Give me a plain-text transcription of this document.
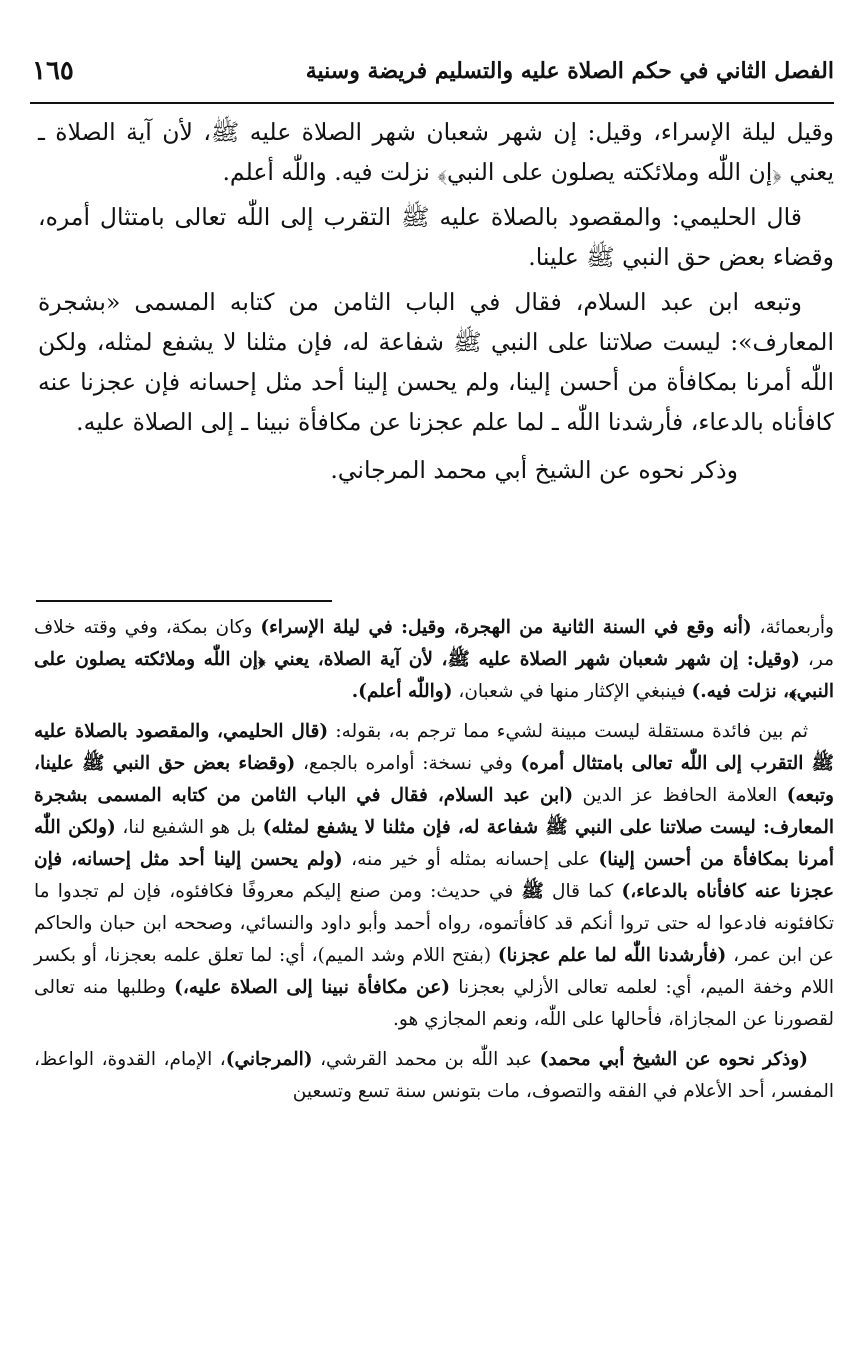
١٦٥	الفصل الثاني في حكم الصلاة عليه والتسليم فريضة وسنية

وقيل ليلة الإسراء، وقيل: إن شهر شعبان شهر الصلاة عليه ﷺ، لأن آية الصلاة ـ يعني ﴿إن اللّٰه وملائكته يصلون على النبي﴾ نزلت فيه. واللّٰه أعلم.

قال الحليمي: والمقصود بالصلاة عليه ﷺ التقرب إلى اللّٰه تعالى بامتثال أمره، وقضاء بعض حق النبي ﷺ علينا.

وتبعه ابن عبد السلام، فقال في الباب الثامن من كتابه المسمى «بشجرة المعارف»: ليست صلاتنا على النبي ﷺ شفاعة له، فإن مثلنا لا يشفع لمثله، ولكن اللّٰه أمرنا بمكافأة من أحسن إلينا، ولم يحسن إلينا أحد مثل إحسانه فإن عجزنا عنه كافأناه بالدعاء، فأرشدنا اللّٰه ـ لما علم عجزنا عن مكافأة نبينا ـ إلى الصلاة عليه.

وذكر نحوه عن الشيخ أبي محمد المرجاني.

وأربعمائة، (أنه وقع في السنة الثانية من الهجرة، وقيل: في ليلة الإسراء) وكان بمكة، وفي وقته خلاف مر، (وقيل: إن شهر شعبان شهر الصلاة عليه ﷺ، لأن آية الصلاة، يعني ﴿إن اللّٰه وملائكته يصلون على النبي﴾، نزلت فيه.) فينبغي الإكثار منها في شعبان، (واللّٰه أعلم).

ثم بين فائدة مستقلة ليست مبينة لشيء مما ترجم به، بقوله: (قال الحليمي، والمقصود بالصلاة عليه ﷺ التقرب إلى اللّٰه تعالى بامتثال أمره) وفي نسخة: أوامره بالجمع، (وقضاء بعض حق النبي ﷺ علينا، وتبعه) العلامة الحافظ عز الدين (ابن عبد السلام، فقال في الباب الثامن من كتابه المسمى بشجرة المعارف: ليست صلاتنا على النبي ﷺ شفاعة له، فإن مثلنا لا يشفع لمثله) بل هو الشفيع لنا، (ولكن اللّٰه أمرنا بمكافأة من أحسن إلينا) على إحسانه بمثله أو خير منه، (ولم يحسن إلينا أحد مثل إحسانه، فإن عجزنا عنه كافأناه بالدعاء،) كما قال ﷺ في حديث: ومن صنع إليكم معروفًا فكافئوه، فإن لم تجدوا ما تكافئونه فادعوا له حتى تروا أنكم قد كافأتموه، رواه أحمد وأبو داود والنسائي، وصححه ابن حبان والحاكم عن ابن عمر، (فأرشدنا اللّٰه لما علم عجزنا) (بفتح اللام وشد الميم)، أي: لما تعلق علمه بعجزنا، أو بكسر اللام وخفة الميم، أي: لعلمه تعالى الأزلي بعجزنا (عن مكافأة نبينا إلى الصلاة عليه،) وطلبها منه تعالى لقصورنا عن المجازاة، فأحالها على اللّٰه، ونعم المجازي هو.

(وذكر نحوه عن الشيخ أبي محمد) عبد اللّٰه بن محمد القرشي، (المرجاني)، الإمام، القدوة، الواعظ، المفسر، أحد الأعلام في الفقه والتصوف، مات بتونس سنة تسع وتسعين
